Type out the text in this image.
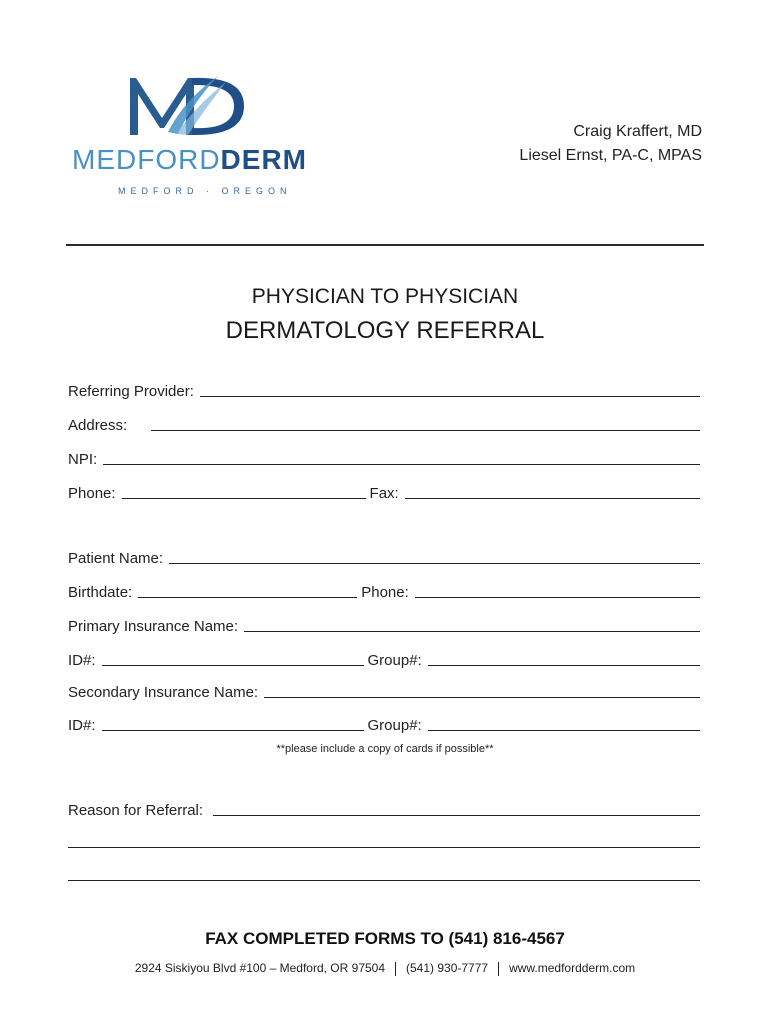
MEDFORDDERM
MEDFORD · OREGON
Craig Kraffert, MD
Liesel Ernst, PA-C, MPAS
PHYSICIAN TO PHYSICIAN
DERMATOLOGY REFERRAL
Referring Provider:
Address:
NPI:
Phone:	Fax:
Patient Name:
Birthdate:	Phone:
Primary Insurance Name:
ID#:	Group#:
Secondary Insurance Name:
ID#:	Group#:
**please include a copy of cards if possible**
Reason for Referral:
FAX COMPLETED FORMS TO (541) 816-4567
2924 Siskiyou Blvd #100 – Medford, OR 97504 (541) 930-7777 www.medfordderm.com
